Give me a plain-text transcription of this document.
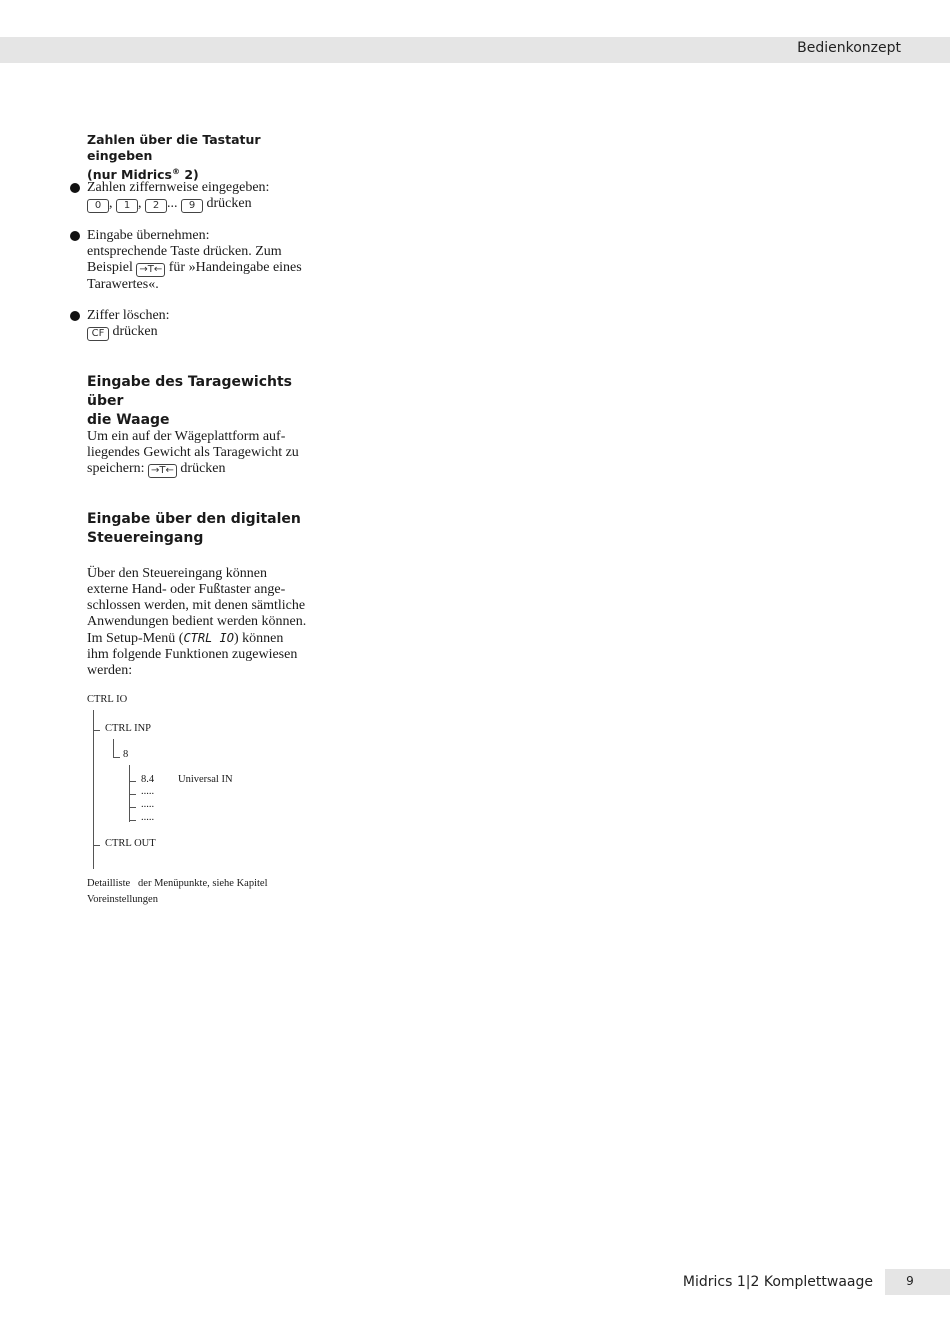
Bedienkonzept
Zahlen über die Tastatur eingeben
(nur Midrics® 2)
Zahlen ziffernweise eingegeben:
0 , 1 , 2 ... 9 drücken
Eingabe übernehmen:
entsprechende Taste drücken. Zum
Beispiel →T← für »Handeingabe eines
Tarawertes«.
Ziffer löschen:
CF drücken
Eingabe des Taragewichts über
die Waage
Um ein auf der Wägeplattform auf-
liegendes Gewicht als Taragewicht zu
speichern: →T← drücken
Eingabe über den digitalen
Steuereingang
Über den Steuereingang können
externe Hand- oder Fußtaster ange-
schlossen werden, mit denen sämtliche
Anwendungen bedient werden können.
Im Setup-Menü (CTRL IO) können
ihm folgende Funktionen zugewiesen
werden:
CTRL IO
CTRL INP
8
8.4 Universal IN
.....
.....
.....
CTRL OUT
Detailliste der Menüpunkte, siehe Kapitel
Voreinstellungen
Midrics 1|2 Komplettwaage	9
